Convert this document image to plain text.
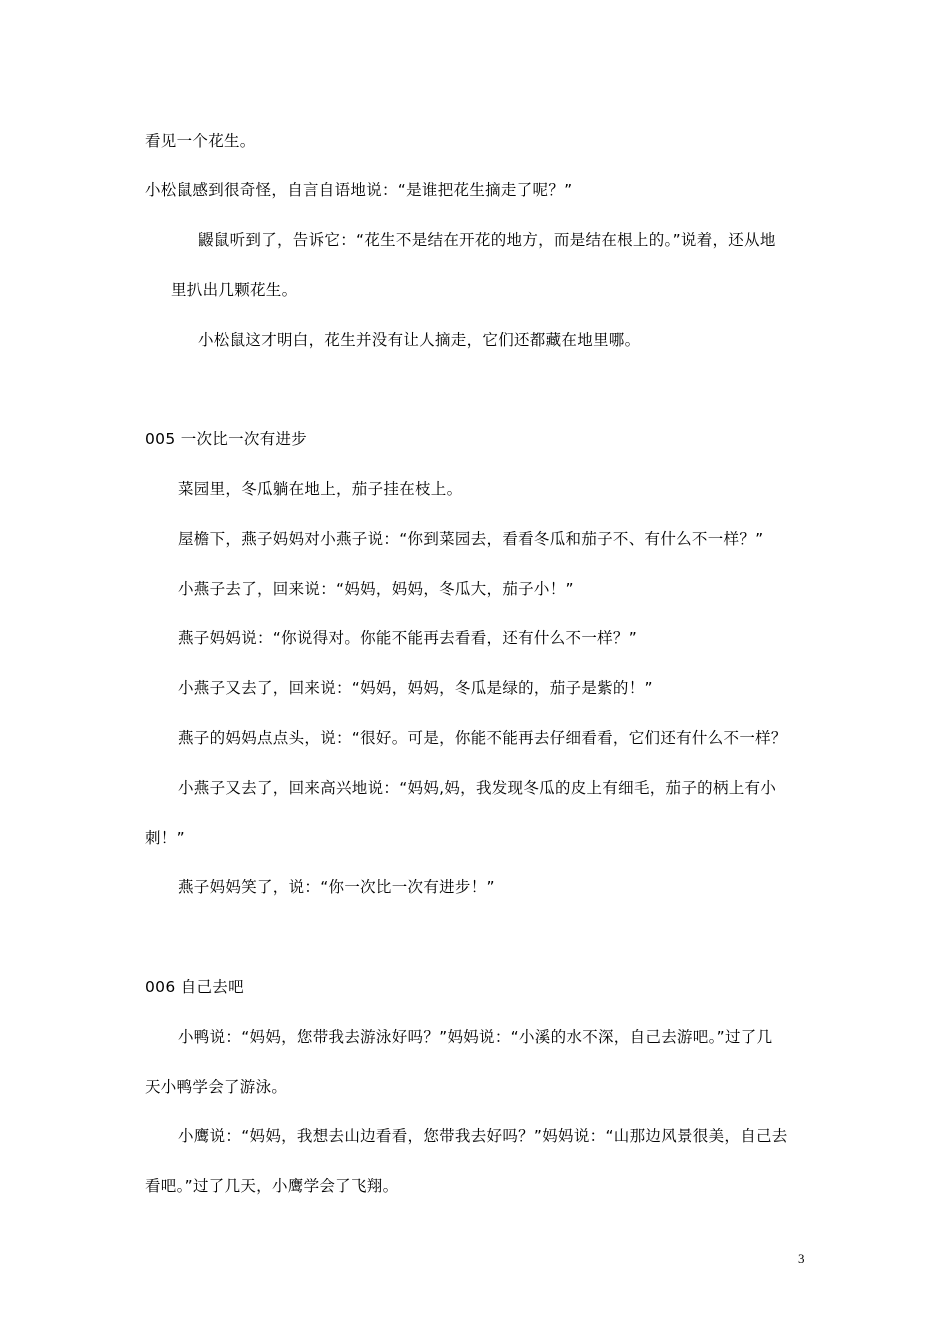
看见一个花生。
小松鼠感到很奇怪，自言自语地说：“是谁把花生摘走了呢？”
鼹鼠听到了，告诉它：“花生不是结在开花的地方，而是结在根上的。”说着，还从地
里扒出几颗花生。
小松鼠这才明白，花生并没有让人摘走，它们还都藏在地里哪。
005 一次比一次有进步
菜园里，冬瓜躺在地上，茄子挂在枝上。
屋檐下，燕子妈妈对小燕子说：“你到菜园去，看看冬瓜和茄子不、有什么不一样？”
小燕子去了，回来说：“妈妈，妈妈，冬瓜大，茄子小！”
燕子妈妈说：“你说得对。你能不能再去看看，还有什么不一样？”
小燕子又去了，回来说：“妈妈，妈妈，冬瓜是绿的，茄子是紫的！”
燕子的妈妈点点头，说：“很好。可是，你能不能再去仔细看看，它们还有什么不一样？
小燕子又去了，回来高兴地说：“妈妈,妈，我发现冬瓜的皮上有细毛，茄子的柄上有小
刺！”
燕子妈妈笑了，说：“你一次比一次有进步！”
006 自己去吧
小鸭说：“妈妈，您带我去游泳好吗？”妈妈说：“小溪的水不深，自己去游吧。”过了几
天小鸭学会了游泳。
小鹰说：“妈妈，我想去山边看看，您带我去好吗？”妈妈说：“山那边风景很美，自己去
看吧。”过了几天，小鹰学会了飞翔。
3
